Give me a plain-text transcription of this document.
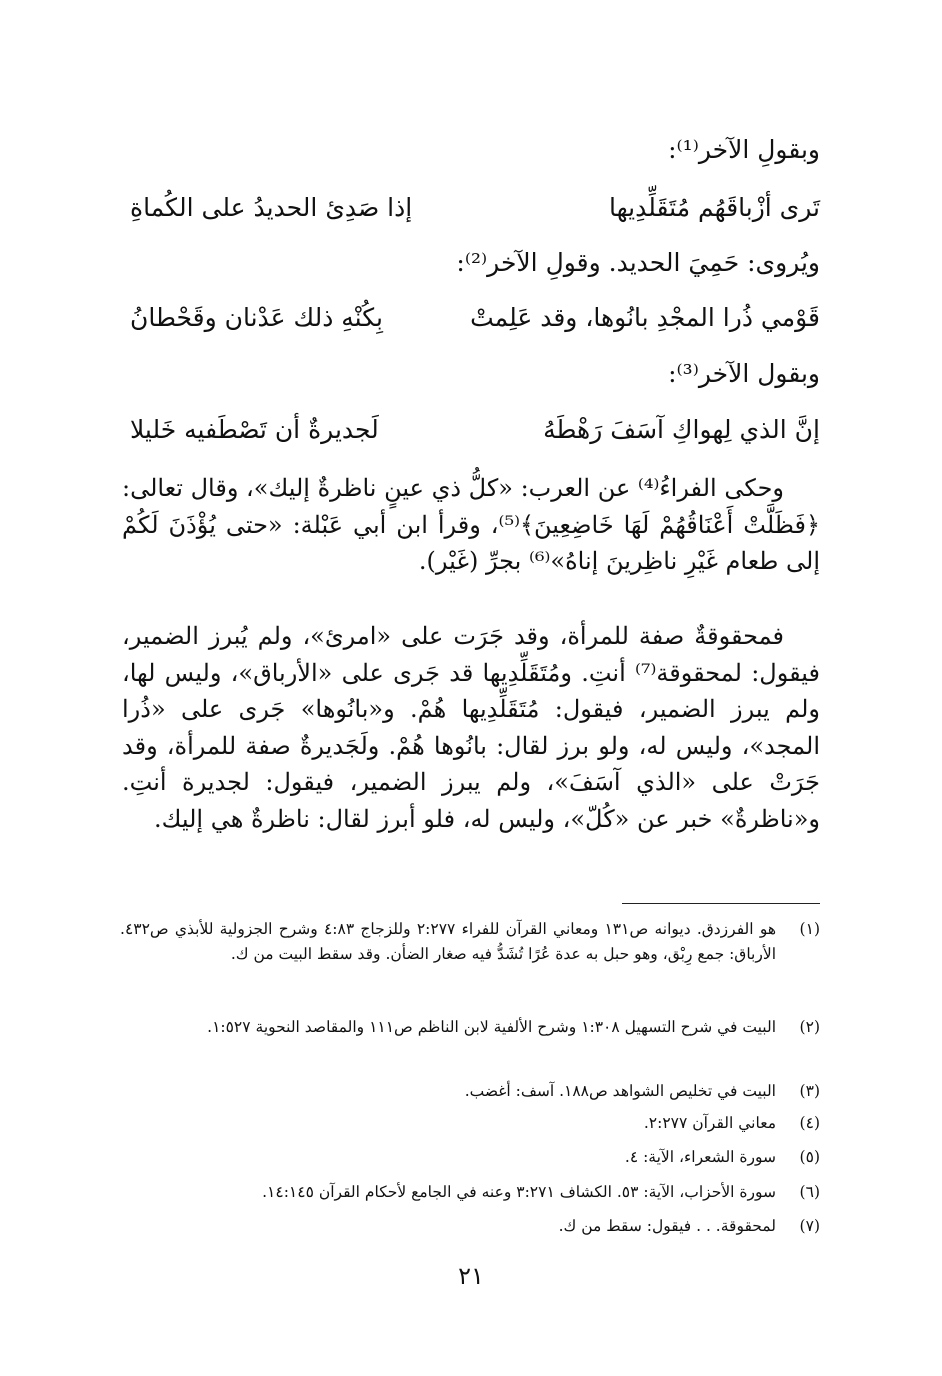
وبقولِ الآخر⁽¹⁾:
تَرى أزْباقَهُم مُتَقَلِّدِيها
إذا صَدِئ الحديدُ على الكُماةِ
ويُروى: حَمِيَ الحديد. وقولِ الآخر⁽²⁾:
قَوْمي ذُرا المجْدِ بانُوها، وقد عَلِمتْ
بِكُنْهِ ذلك عَدْنان وقَحْطانُ
وبقول الآخر⁽³⁾:
إنَّ الذي لِهواكِ آسَفَ رَهْطَهُ
لَجديرةٌ أن تَصْطَفيه خَليلا

وحكى الفراءُ⁽⁴⁾ عن العرب: «كلُّ ذي عينٍ ناظرةٌ إليك»، وقال تعالى: ﴿فَظَلَّتْ أَعْنَاقُهُمْ لَهَا خَاضِعِينَ﴾⁽⁵⁾، وقرأ ابن أبي عَبْلة: «حتى يُؤْذَنَ لَكُمْ إلى طعام غَيْرِ ناظِرينَ إناهُ»⁽⁶⁾ بجرِّ (غَيْر).

فمحقوقةٌ صفة للمرأة، وقد جَرَت على «امرئ»، ولم يُبرز الضمير، فيقول: لمحقوقة⁽⁷⁾ أنتِ. ومُتَقَلِّدِيها قد جَرى على «الأرباق»، وليس لها، ولم يبرز الضمير، فيقول: مُتَقَلِّدِيها هُمْ. و«بانُوها» جَرى على «ذُرا المجد»، وليس له، ولو برز لقال: بانُوها هُمْ. ولَجَديرةٌ صفة للمرأة، وقد جَرَتْ على «الذي آسَفَ»، ولم يبرز الضمير، فيقول: لجديرة أنتِ. و«ناظرةٌ» خبر عن «كُلّ»، وليس له، فلو أبرز لقال: ناظرةٌ هي إليك.

(١)
هو الفرزدق. ديوانه ص١٣١ ومعاني القرآن للفراء ٢:٢٧٧ وللزجاج ٤:٨٣ وشرح الجزولية للأبذي ص٤٣٢. الأرباق: جمع رِبْق، وهو حبل به عدة عُرًا تُشَدُّ فيه صغار الضأن. وقد سقط البيت من ك.
(٢)
البيت في شرح التسهيل ١:٣٠٨ وشرح الألفية لابن الناظم ص١١١ والمقاصد النحوية ١:٥٢٧.
(٣)
البيت في تخليص الشواهد ص١٨٨. آسف: أغضب.
(٤)
معاني القرآن ٢:٢٧٧.
(٥)
سورة الشعراء، الآية: ٤.
(٦)
سورة الأحزاب، الآية: ٥٣. الكشاف ٣:٢٧١ وعنه في الجامع لأحكام القرآن ١٤:١٤٥.
(٧)
لمحقوقة. . . فيقول: سقط من ك.
٢١
